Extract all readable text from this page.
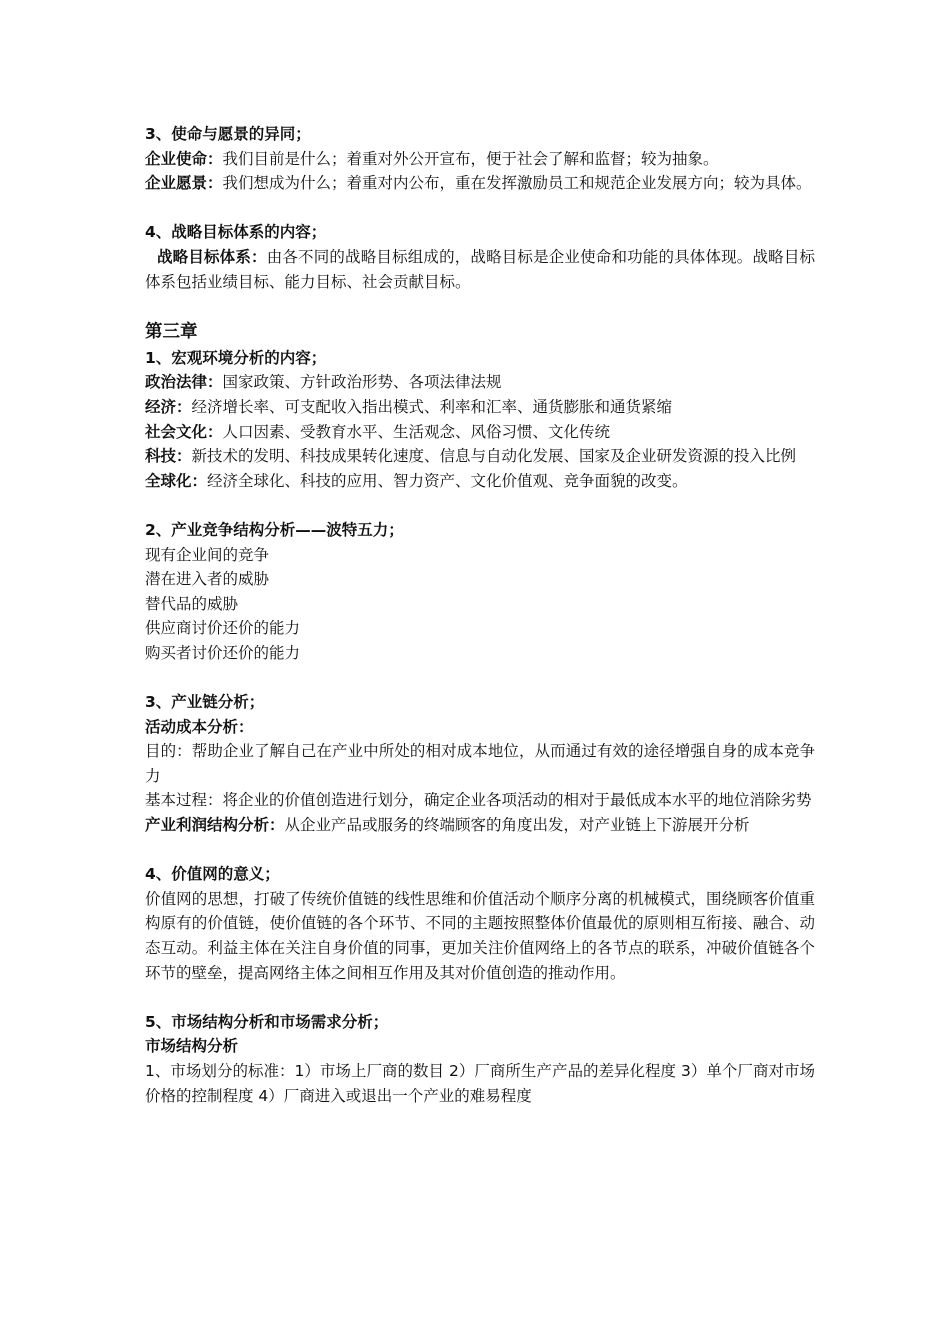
3、使命与愿景的异同；

企业使命：我们目前是什么；着重对外公开宣布，便于社会了解和监督；较为抽象。

企业愿景：我们想成为什么；着重对内公布，重在发挥激励员工和规范企业发展方向；较为具体。

4、战略目标体系的内容；

战略目标体系：由各不同的战略目标组成的，战略目标是企业使命和功能的具体体现。战略目标体系包括业绩目标、能力目标、社会贡献目标。

第三章

1、宏观环境分析的内容；

政治法律：国家政策、方针政治形势、各项法律法规

经济：经济增长率、可支配收入指出模式、利率和汇率、通货膨胀和通货紧缩

社会文化：人口因素、受教育水平、生活观念、风俗习惯、文化传统

科技：新技术的发明、科技成果转化速度、信息与自动化发展、国家及企业研发资源的投入比例

全球化：经济全球化、科技的应用、智力资产、文化价值观、竞争面貌的改变。

2、产业竞争结构分析——波特五力；

现有企业间的竞争

潜在进入者的威胁

替代品的威胁

供应商讨价还价的能力

购买者讨价还价的能力

3、产业链分析；

活动成本分析：

目的：帮助企业了解自己在产业中所处的相对成本地位，从而通过有效的途径增强自身的成本竞争力

基本过程：将企业的价值创造进行划分，确定企业各项活动的相对于最低成本水平的地位消除劣势

产业利润结构分析：从企业产品或服务的终端顾客的角度出发，对产业链上下游展开分析

4、价值网的意义；

价值网的思想，打破了传统价值链的线性思维和价值活动个顺序分离的机械模式，围绕顾客价值重构原有的价值链，使价值链的各个环节、不同的主题按照整体价值最优的原则相互衔接、融合、动态互动。利益主体在关注自身价值的同事，更加关注价值网络上的各节点的联系，冲破价值链各个环节的壁垒，提高网络主体之间相互作用及其对价值创造的推动作用。

5、市场结构分析和市场需求分析；

市场结构分析

1、市场划分的标准：1）市场上厂商的数目 2）厂商所生产产品的差异化程度 3）单个厂商对市场价格的控制程度 4）厂商进入或退出一个产业的难易程度
